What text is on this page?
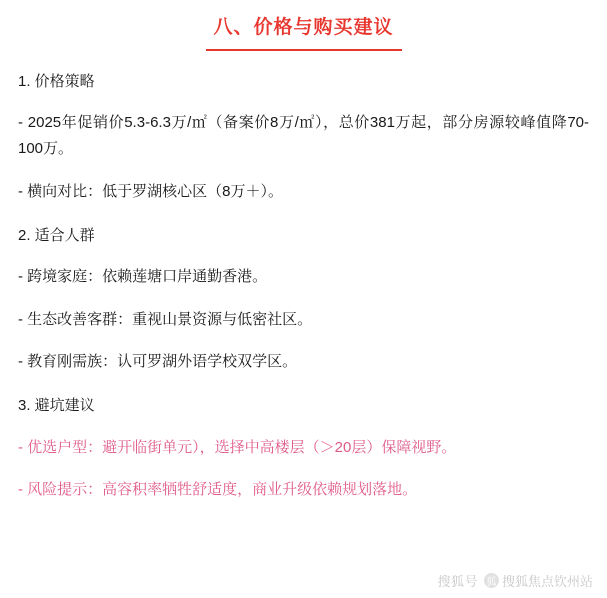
八、价格与购买建议

1. 价格策略

- 2025年促销价5.3-6.3万/㎡（备案价8万/㎡），总价381万起，部分房源较峰值降70-100万。

- 横向对比：低于罗湖核心区（8万＋）。

2. 适合人群

- 跨境家庭：依赖莲塘口岸通勤香港。

- 生态改善客群：重视山景资源与低密社区。

- 教育刚需族：认可罗湖外语学校双学区。

3. 避坑建议

- 优选户型：避开临街单元），选择中高楼层（＞20层）保障视野。

- 风险提示：高容积率牺牲舒适度，商业升级依赖规划落地。

搜狐号 狐 搜狐焦点钦州站
